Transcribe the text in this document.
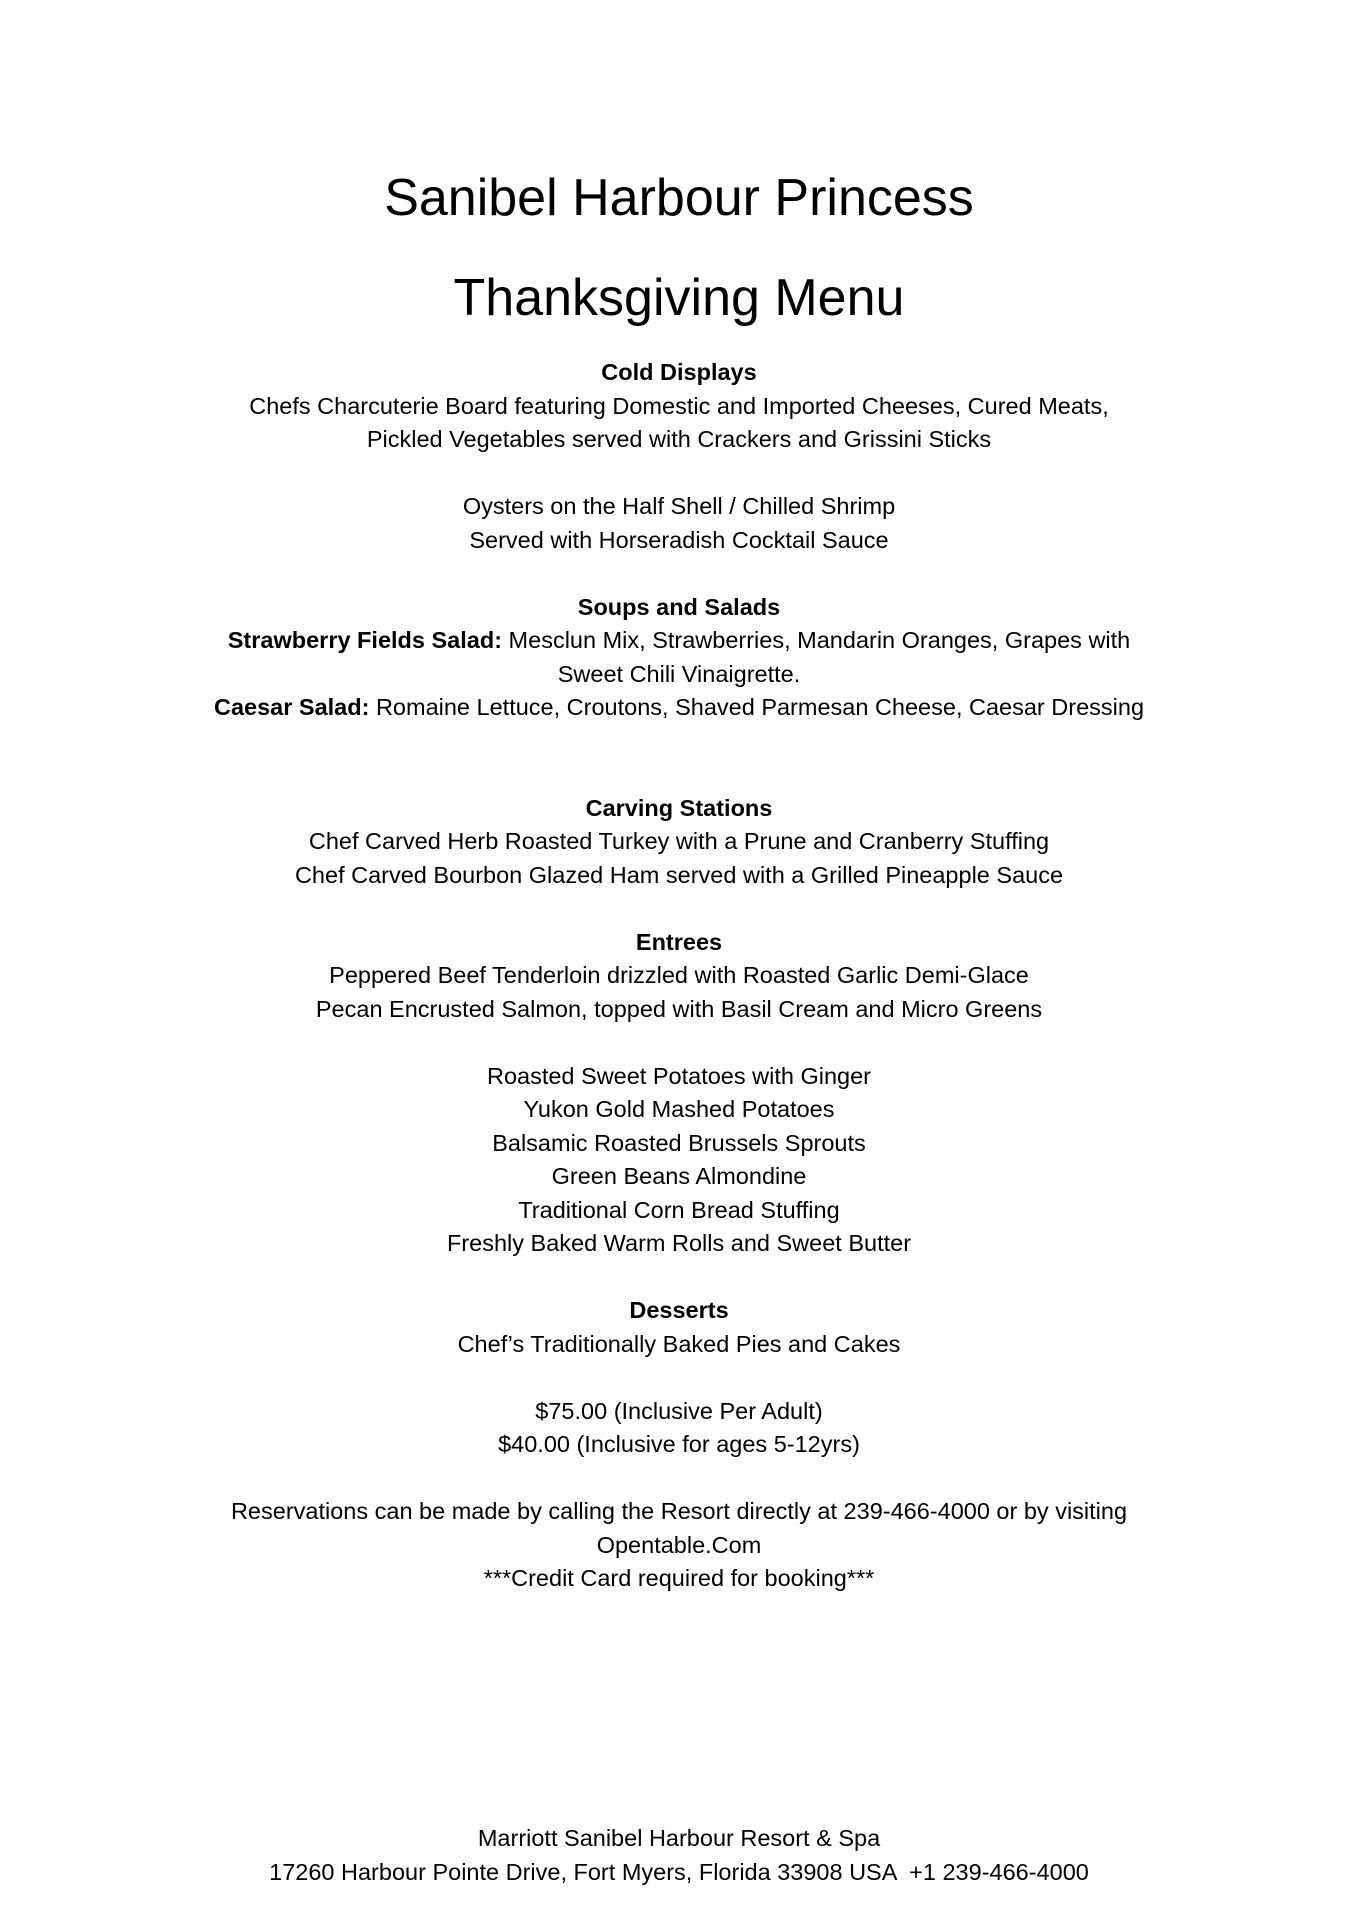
Sanibel Harbour Princess
Thanksgiving Menu

Cold Displays

Chefs Charcuterie Board featuring Domestic and Imported Cheeses, Cured Meats,

Pickled Vegetables served with Crackers and Grissini Sticks

Oysters on the Half Shell / Chilled Shrimp

Served with Horseradish Cocktail Sauce

Soups and Salads

Strawberry Fields Salad: Mesclun Mix, Strawberries, Mandarin Oranges, Grapes with

Sweet Chili Vinaigrette.

Caesar Salad: Romaine Lettuce, Croutons, Shaved Parmesan Cheese, Caesar Dressing

Carving Stations

Chef Carved Herb Roasted Turkey with a Prune and Cranberry Stuffing

Chef Carved Bourbon Glazed Ham served with a Grilled Pineapple Sauce

Entrees

Peppered Beef Tenderloin drizzled with Roasted Garlic Demi-Glace

Pecan Encrusted Salmon, topped with Basil Cream and Micro Greens

Roasted Sweet Potatoes with Ginger

Yukon Gold Mashed Potatoes

Balsamic Roasted Brussels Sprouts

Green Beans Almondine

Traditional Corn Bread Stuffing

Freshly Baked Warm Rolls and Sweet Butter

Desserts

Chef’s Traditionally Baked Pies and Cakes

$75.00 (Inclusive Per Adult)

$40.00 (Inclusive for ages 5-12yrs)

Reservations can be made by calling the Resort directly at 239-466-4000 or by visiting

Opentable.Com

***Credit Card required for booking***

Marriott Sanibel Harbour Resort & Spa

17260 Harbour Pointe Drive, Fort Myers, Florida 33908 USA  +1 239-466-4000
